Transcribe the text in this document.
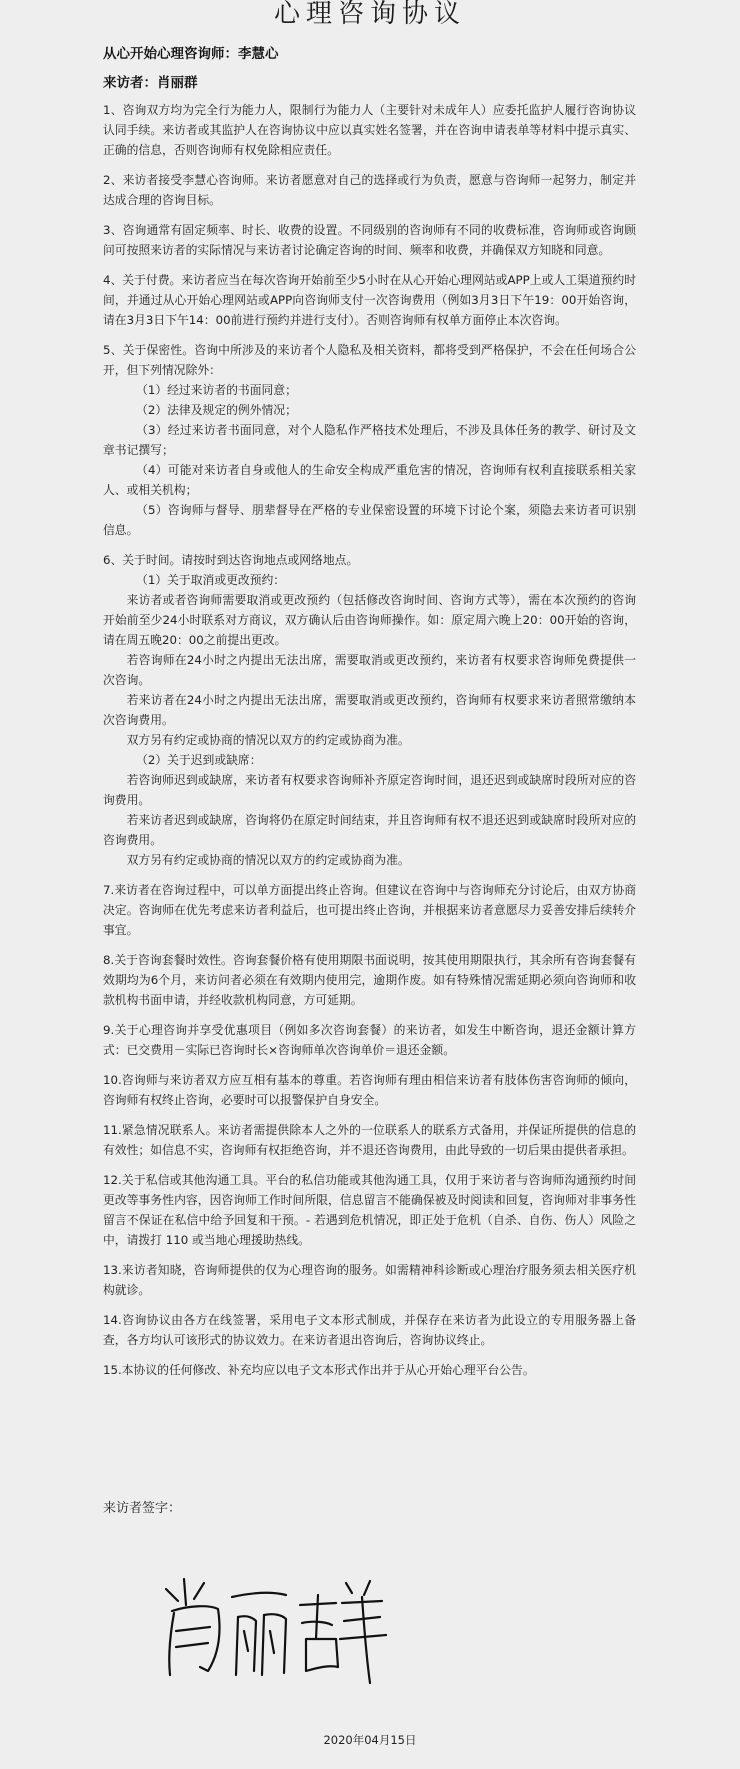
心理咨询协议
从心开始心理咨询师：李慧心
来访者：肖丽群
1、咨询双方均为完全行为能力人，限制行为能力人（主要针对未成年人）应委托监护人履行咨询协议认同手续。来访者或其监护人在咨询协议中应以真实姓名签署，并在咨询申请表单等材料中提示真实、正确的信息，否则咨询师有权免除相应责任。
2、来访者接受李慧心咨询师。来访者愿意对自己的选择或行为负责，愿意与咨询师一起努力，制定并达成合理的咨询目标。
3、咨询通常有固定频率、时长、收费的设置。不同级别的咨询师有不同的收费标准，咨询师或咨询顾问可按照来访者的实际情况与来访者讨论确定咨询的时间、频率和收费，并确保双方知晓和同意。
4、关于付费。来访者应当在每次咨询开始前至少5小时在从心开始心理网站或APP上或人工渠道预约时间，并通过从心开始心理网站或APP向咨询师支付一次咨询费用（例如3月3日下午19：00开始咨询，请在3月3日下午14：00前进行预约并进行支付）。否则咨询师有权单方面停止本次咨询。
5、关于保密性。咨询中所涉及的来访者个人隐私及相关资料，都将受到严格保护，不会在任何场合公开，但下列情况除外：
（1）经过来访者的书面同意；
（2）法律及规定的例外情况；
（3）经过来访者书面同意，对个人隐私作严格技术处理后，不涉及具体任务的教学、研讨及文章书记撰写；
（4）可能对来访者自身或他人的生命安全构成严重危害的情况，咨询师有权利直接联系相关家人、或相关机构；
（5）咨询师与督导、朋辈督导在严格的专业保密设置的环境下讨论个案，须隐去来访者可识别信息。
6、关于时间。请按时到达咨询地点或网络地点。
（1）关于取消或更改预约：
来访者或者咨询师需要取消或更改预约（包括修改咨询时间、咨询方式等），需在本次预约的咨询开始前至少24小时联系对方商议，双方确认后由咨询师操作。如：原定周六晚上20：00开始的咨询，请在周五晚20：00之前提出更改。
若咨询师在24小时之内提出无法出席，需要取消或更改预约，来访者有权要求咨询师免费提供一次咨询。
若来访者在24小时之内提出无法出席，需要取消或更改预约，咨询师有权要求来访者照常缴纳本次咨询费用。
双方另有约定或协商的情况以双方的约定或协商为准。
（2）关于迟到或缺席：
若咨询师迟到或缺席，来访者有权要求咨询师补齐原定咨询时间，退还迟到或缺席时段所对应的咨询费用。
若来访者迟到或缺席，咨询将仍在原定时间结束，并且咨询师有权不退还迟到或缺席时段所对应的咨询费用。
双方另有约定或协商的情况以双方的约定或协商为准。
7.来访者在咨询过程中，可以单方面提出终止咨询。但建议在咨询中与咨询师充分讨论后，由双方协商决定。咨询师在优先考虑来访者利益后，也可提出终止咨询，并根据来访者意愿尽力妥善安排后续转介事宜。
8.关于咨询套餐时效性。咨询套餐价格有使用期限书面说明，按其使用期限执行，其余所有咨询套餐有效期均为6个月，来访问者必须在有效期内使用完，逾期作废。如有特殊情况需延期必须向咨询师和收款机构书面申请，并经收款机构同意，方可延期。
9.关于心理咨询并享受优惠项目（例如多次咨询套餐）的来访者，如发生中断咨询，退还金额计算方式：已交费用－实际已咨询时长×咨询师单次咨询单价＝退还金额。
10.咨询师与来访者双方应互相有基本的尊重。若咨询师有理由相信来访者有肢体伤害咨询师的倾向，咨询师有权终止咨询，必要时可以报警保护自身安全。
11.紧急情况联系人。来访者需提供除本人之外的一位联系人的联系方式备用，并保证所提供的信息的有效性；如信息不实，咨询师有权拒绝咨询，并不退还咨询费用，由此导致的一切后果由提供者承担。
12.关于私信或其他沟通工具。平台的私信功能或其他沟通工具，仅用于来访者与咨询师沟通预约时间更改等事务性内容，因咨询师工作时间所限，信息留言不能确保被及时阅读和回复，咨询师对非事务性留言不保证在私信中给予回复和干预。- 若遇到危机情况，即正处于危机（自杀、自伤、伤人）风险之中，请拨打 110 或当地心理援助热线。
13.来访者知晓，咨询师提供的仅为心理咨询的服务。如需精神科诊断或心理治疗服务须去相关医疗机构就诊。
14.咨询协议由各方在线签署，采用电子文本形式制成，并保存在来访者为此设立的专用服务器上备查，各方均认可该形式的协议效力。在来访者退出咨询后，咨询协议终止。
15.本协议的任何修改、补充均应以电子文本形式作出并于从心开始心理平台公告。
来访者签字：
2020年04月15日
